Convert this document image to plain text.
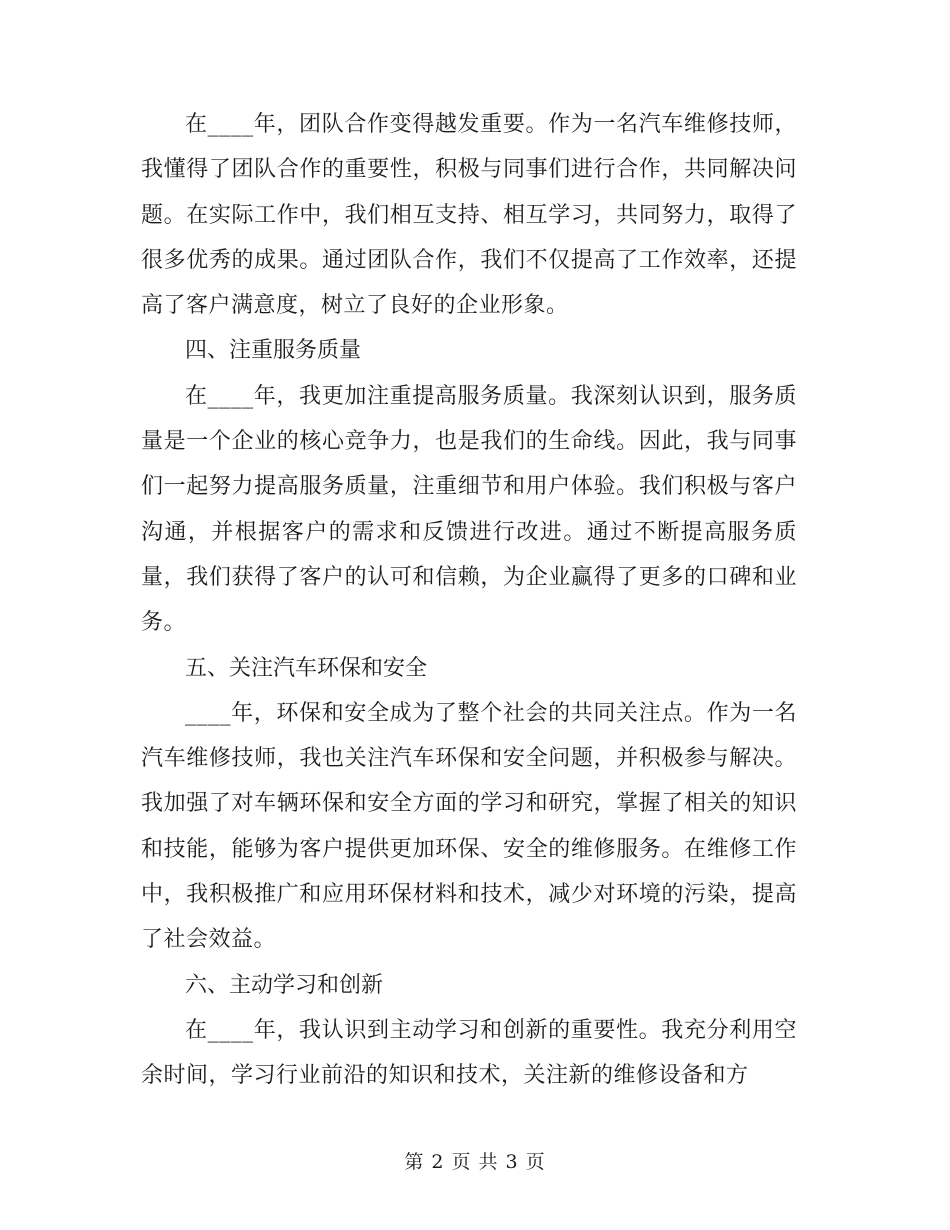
在____年，团队合作变得越发重要。作为一名汽车维修技师，我懂得了团队合作的重要性，积极与同事们进行合作，共同解决问题。在实际工作中，我们相互支持、相互学习，共同努力，取得了很多优秀的成果。通过团队合作，我们不仅提高了工作效率，还提高了客户满意度，树立了良好的企业形象。

四、注重服务质量

在____年，我更加注重提高服务质量。我深刻认识到，服务质量是一个企业的核心竞争力，也是我们的生命线。因此，我与同事们一起努力提高服务质量，注重细节和用户体验。我们积极与客户沟通，并根据客户的需求和反馈进行改进。通过不断提高服务质量，我们获得了客户的认可和信赖，为企业赢得了更多的口碑和业务。

五、关注汽车环保和安全

____年，环保和安全成为了整个社会的共同关注点。作为一名汽车维修技师，我也关注汽车环保和安全问题，并积极参与解决。我加强了对车辆环保和安全方面的学习和研究，掌握了相关的知识和技能，能够为客户提供更加环保、安全的维修服务。在维修工作中，我积极推广和应用环保材料和技术，减少对环境的污染，提高了社会效益。

六、主动学习和创新

在____年，我认识到主动学习和创新的重要性。我充分利用空余时间，学习行业前沿的知识和技术，关注新的维修设备和方

第 2 页 共 3 页
